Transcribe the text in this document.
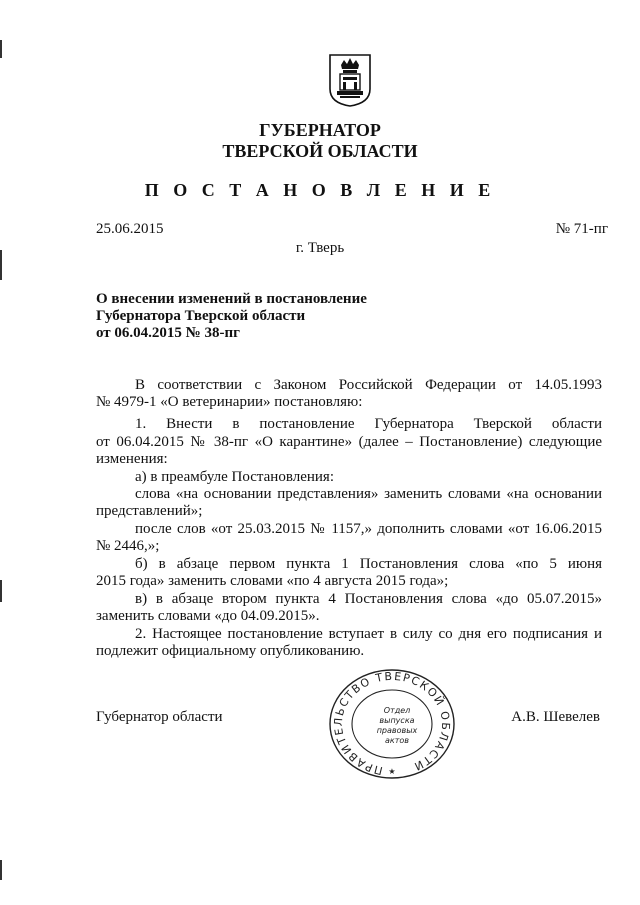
ГУБЕРНАТОР
ТВЕРСКОЙ ОБЛАСТИ
П О С Т А Н О В Л Е Н И Е
25.06.2015	№ 71-пг
г. Тверь
О внесении изменений в постановление
Губернатора Тверской области
от 06.04.2015 № 38-пг
В соответствии с Законом Российской Федерации от 14.05.1993
№ 4979-1 «О ветеринарии» постановляю:
1. Внести в постановление Губернатора Тверской области
от 06.04.2015 № 38-пг «О карантине» (далее – Постановление) следующие
изменения:
а) в преамбуле Постановления:
слова «на основании представления» заменить словами «на основании
представлений»;
после слов «от 25.03.2015 № 1157,» дополнить словами «от 16.06.2015
№ 2446,»;
б) в абзаце первом пункта 1 Постановления слова «по 5 июня
2015 года» заменить словами «по 4 августа 2015 года»;
в) в абзаце втором пункта 4 Постановления слова «до 05.07.2015»
заменить словами «до 04.09.2015».
2. Настоящее постановление вступает в силу со дня его подписания и
подлежит официальному опубликованию.
Губернатор области	А.В. Шевелев
ПРАВИТЕЛЬСТВО ТВЕРСКОЙ ОБЛАСТИ
★
Отдел
выпуска
правовых
актов
